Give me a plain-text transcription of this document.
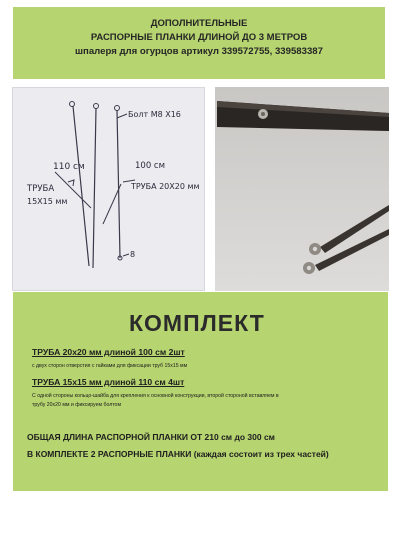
ДОПОЛНИТЕЛЬНЫЕ
РАСПОРНЫЕ ПЛАНКИ ДЛИНОЙ ДО 3 МЕТРОВ
шпалеря для огурцов артикул 339572755, 339583387
Болт М8 Х16
110 см
ТРУБА
15Х15 мм
100 см
ТРУБА 20Х20 мм
8
КОМПЛЕКТ
ТРУБА 20х20 мм длиной 100 см 2шт
с двух сторон отверстия с гайками для фиксации труб 15х15 мм
ТРУБА 15х15 мм длиной 110 см 4шт
С одной стороны кольцо-шайба для крепления к основной конструкции, второй стороной вставляем в
трубу 20х20 мм и фиксируем болтом
ОБЩАЯ ДЛИНА РАСПОРНОЙ ПЛАНКИ ОТ 210 см до 300 см
В КОМПЛЕКТЕ 2 РАСПОРНЫЕ ПЛАНКИ (каждая состоит из трех частей)
